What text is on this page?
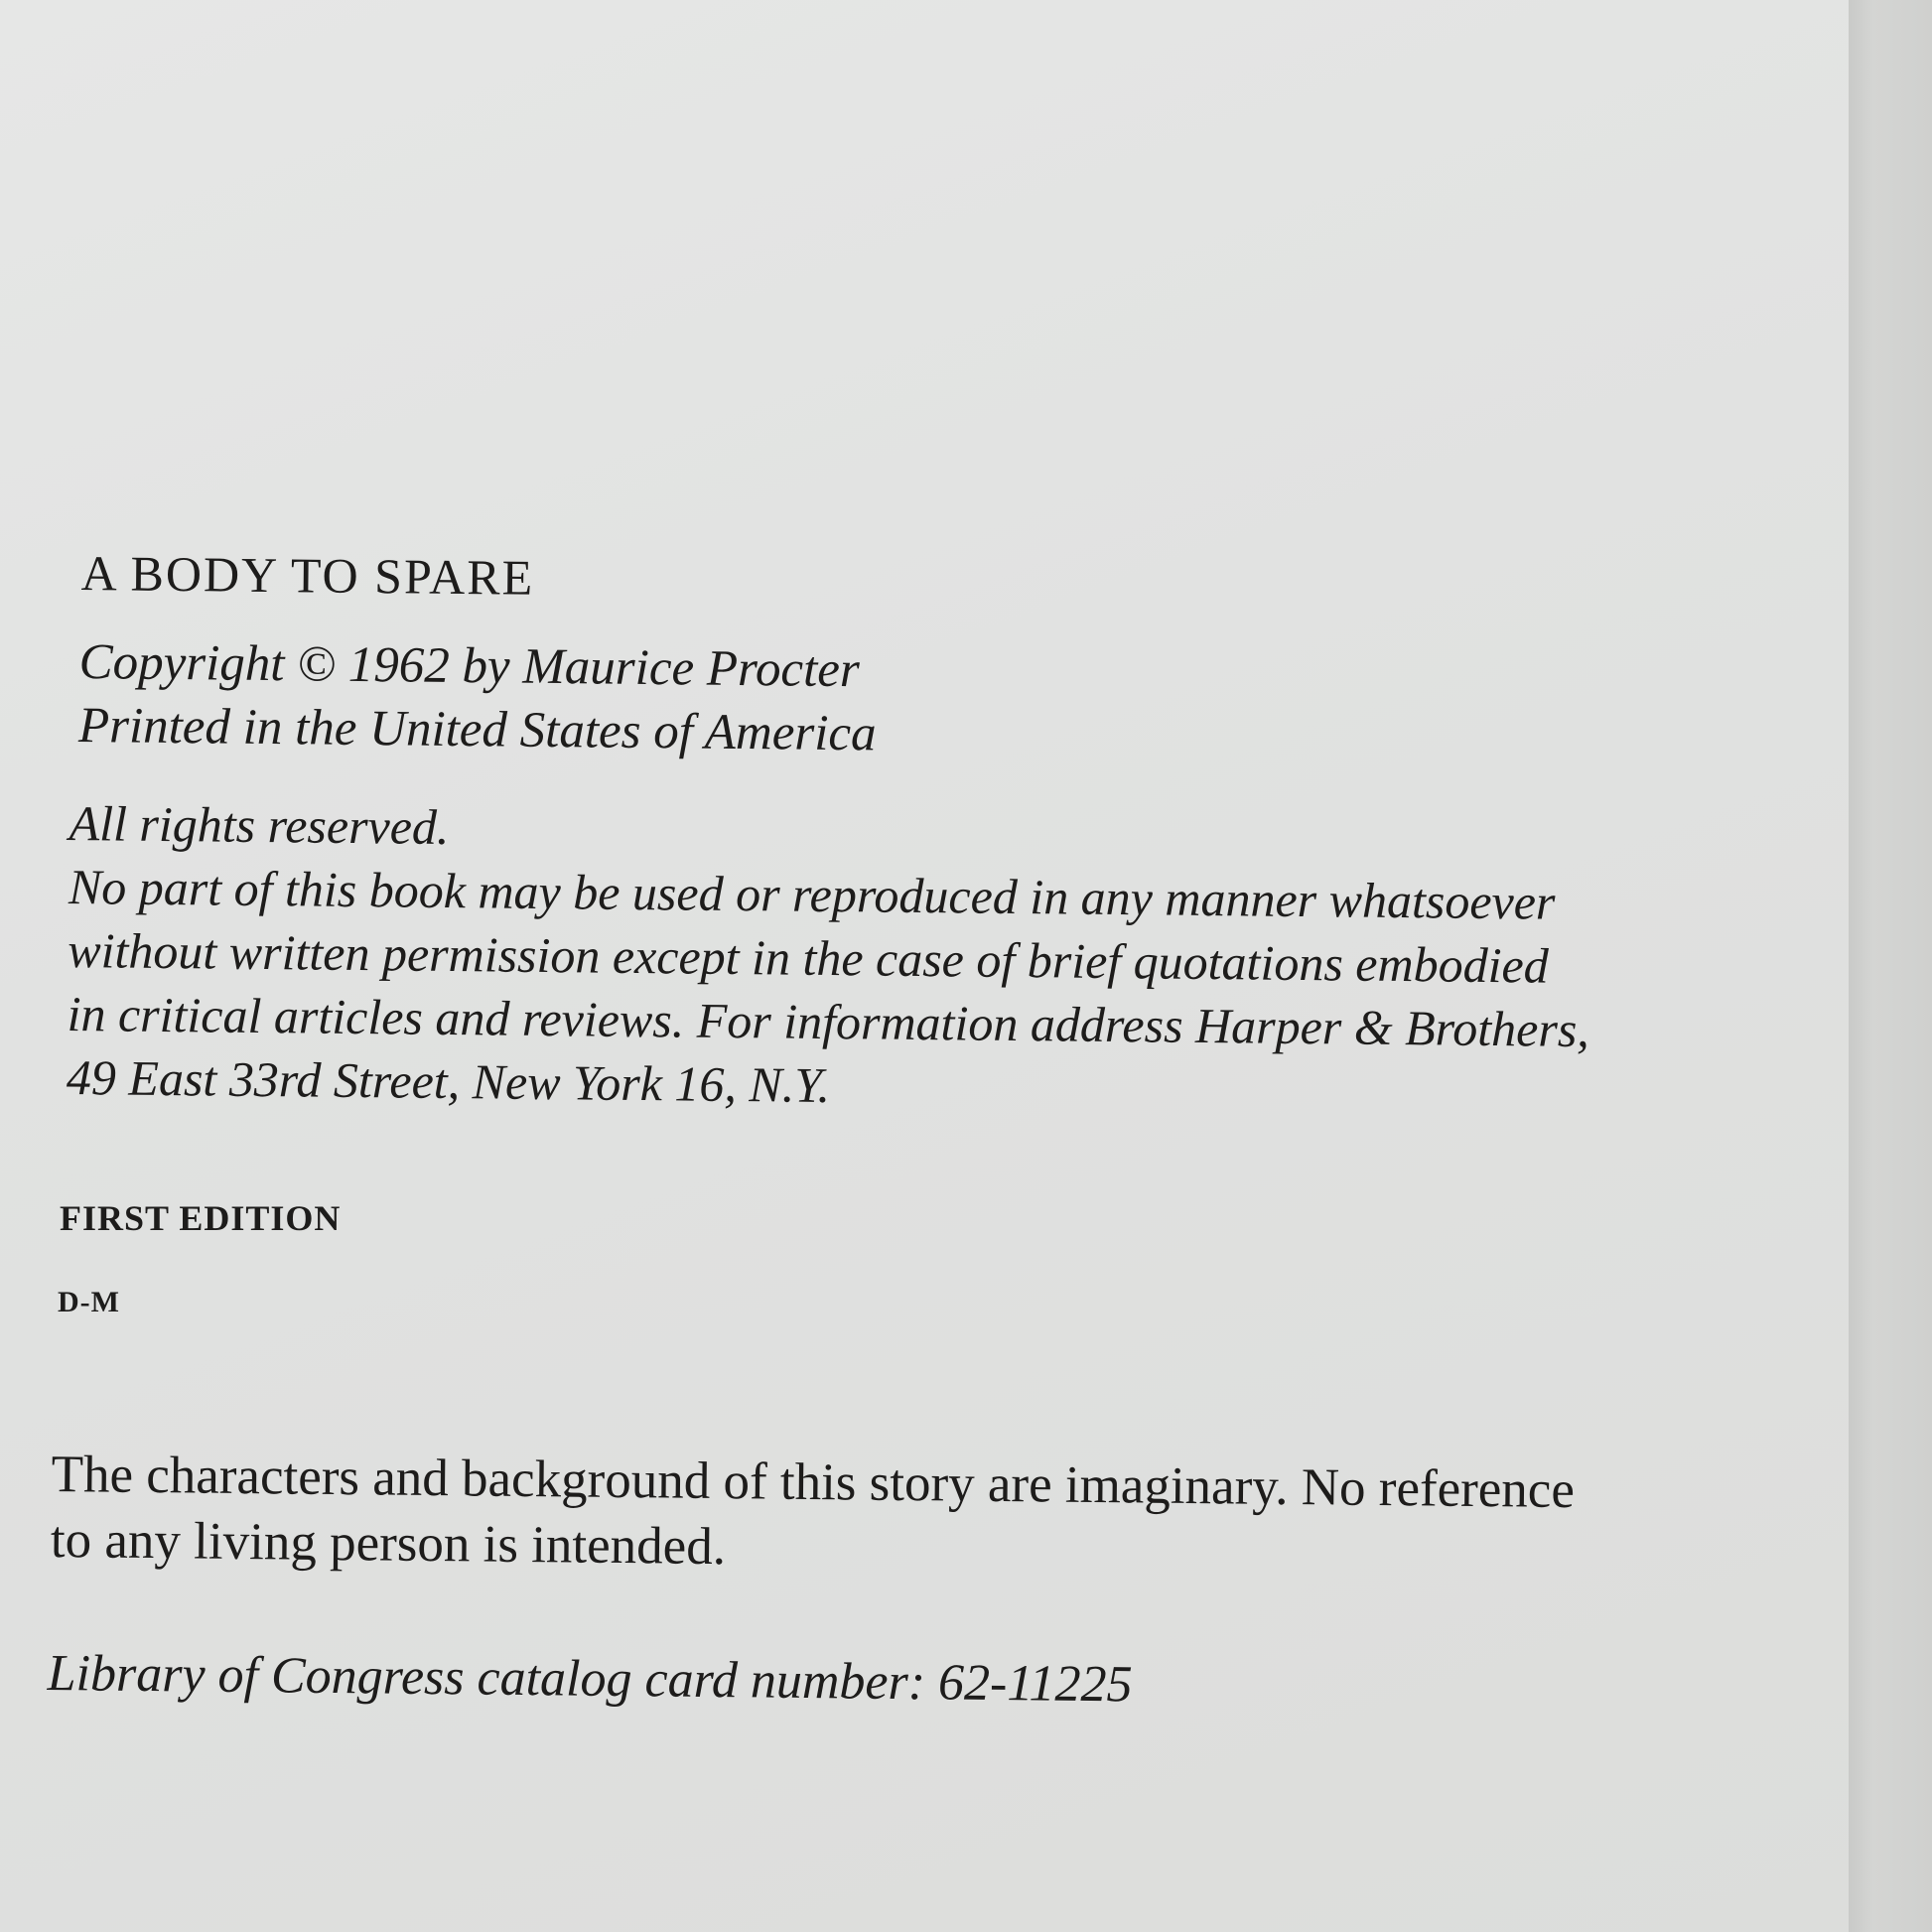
A BODY TO SPARE
Copyright © 1962 by Maurice Procter
Printed in the United States of America
All rights reserved.
No part of this book may be used or reproduced in any manner whatsoever
without written permission except in the case of brief quotations embodied
in critical articles and reviews. For information address Harper & Brothers,
49 East 33rd Street, New York 16, N.Y.
FIRST EDITION
D-M
The characters and background of this story are imaginary. No reference
to any living person is intended.
Library of Congress catalog card number: 62-11225
